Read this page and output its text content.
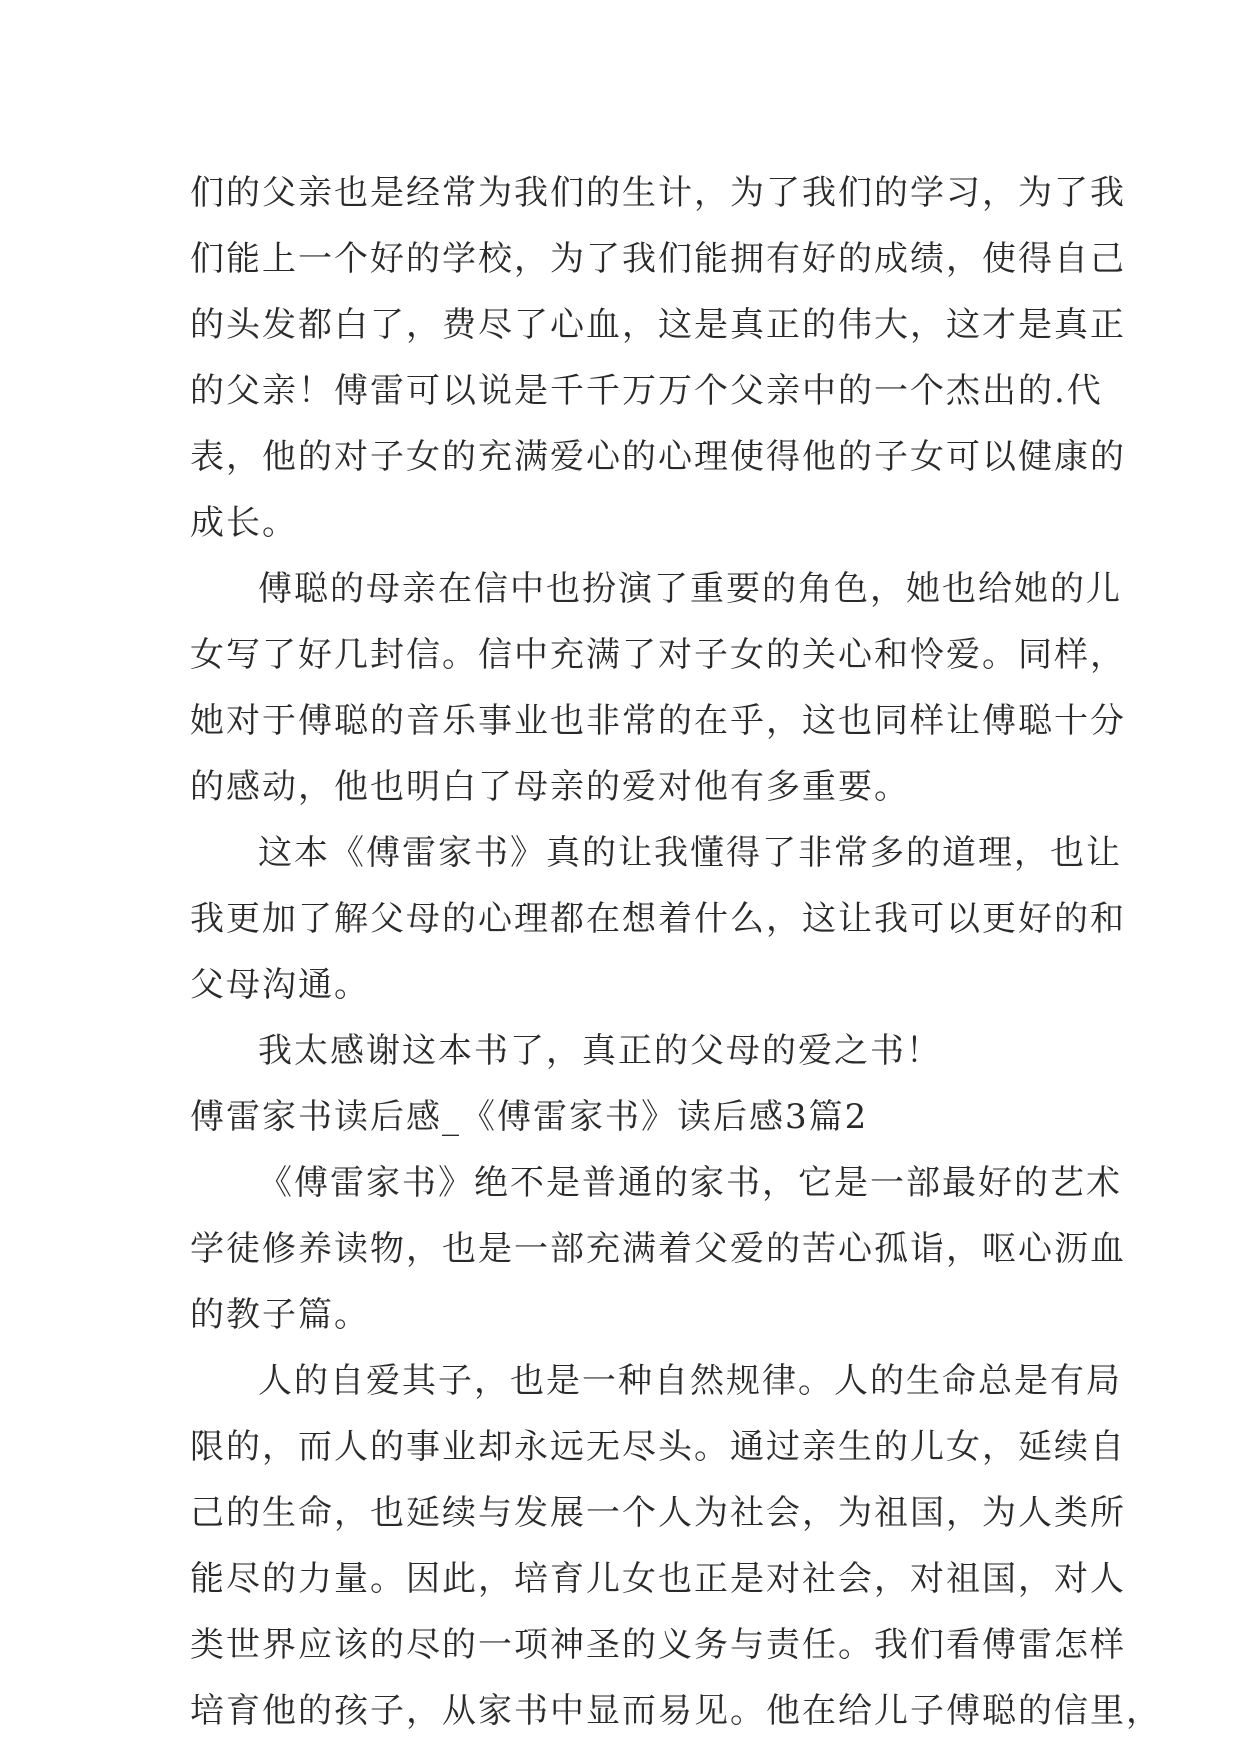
们的父亲也是经常为我们的生计，为了我们的学习，为了我
们能上一个好的学校，为了我们能拥有好的成绩，使得自己
的头发都白了，费尽了心血，这是真正的伟大，这才是真正
的父亲！傅雷可以说是千千万万个父亲中的一个杰出的.代
表，他的对子女的充满爱心的心理使得他的子女可以健康的
成长。
傅聪的母亲在信中也扮演了重要的角色，她也给她的儿
女写了好几封信。信中充满了对子女的关心和怜爱。同样，
她对于傅聪的音乐事业也非常的在乎，这也同样让傅聪十分
的感动，他也明白了母亲的爱对他有多重要。
这本《傅雷家书》真的让我懂得了非常多的道理，也让
我更加了解父母的心理都在想着什么，这让我可以更好的和
父母沟通。
我太感谢这本书了，真正的父母的爱之书！
傅雷家书读后感_《傅雷家书》读后感3篇2
《傅雷家书》绝不是普通的家书，它是一部最好的艺术
学徒修养读物，也是一部充满着父爱的苦心孤诣，呕心沥血
的教子篇。
人的自爱其子，也是一种自然规律。人的生命总是有局
限的，而人的事业却永远无尽头。通过亲生的儿女，延续自
己的生命，也延续与发展一个人为社会，为祖国，为人类所
能尽的力量。因此，培育儿女也正是对社会，对祖国，对人
类世界应该的尽的一项神圣的义务与责任。我们看傅雷怎样
培育他的孩子，从家书中显而易见。他在给儿子傅聪的信里，
